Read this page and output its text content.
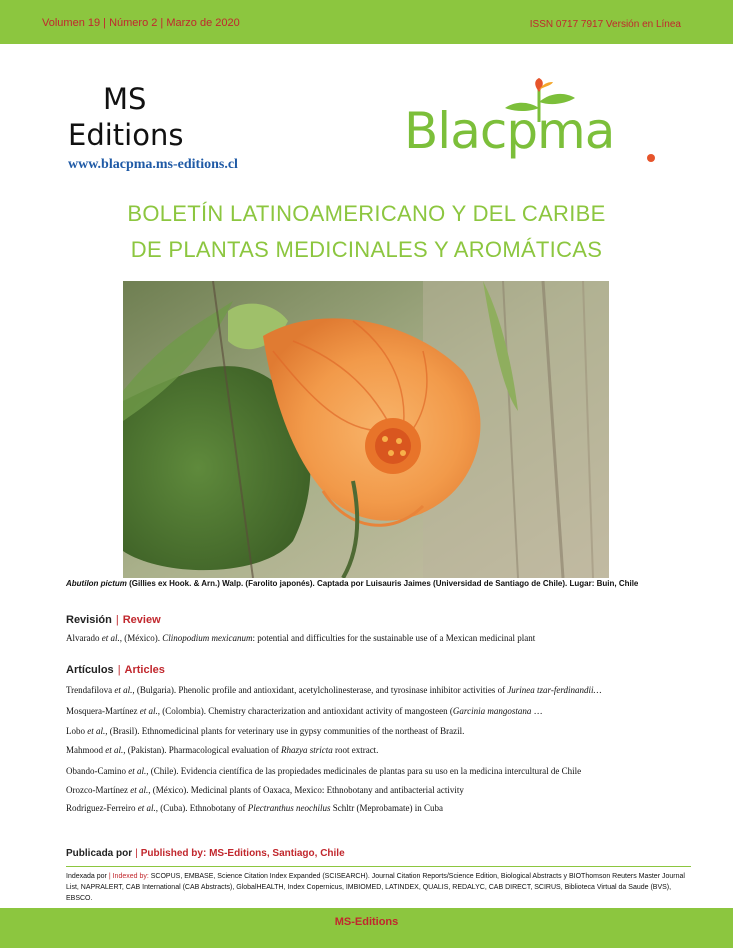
Volumen 19 | Número 2 | Marzo de 2020	ISSN 0717 7917 Versión en Línea
MS
Editions
www.blacpma.ms-editions.cl
Blacpma
BOLETÍN LATINOAMERICANO Y DEL CARIBE
DE PLANTAS MEDICINALES Y AROMÁTICAS
Abutilon pictum (Gillies ex Hook. & Arn.) Walp. (Farolito japonés). Captada por Luisauris Jaimes (Universidad de Santiago de Chile). Lugar: Buin, Chile
Revisión | Review
Alvarado et al., (México). Clinopodium mexicanum: potential and difficulties for the sustainable use of a Mexican medicinal plant
Artículos | Articles
Trendafilova et al., (Bulgaria). Phenolic profile and antioxidant, acetylcholinesterase, and tyrosinase inhibitor activities of Jurinea tzar-ferdinandii…
Mosquera-Martínez et al., (Colombia). Chemistry characterization and antioxidant activity of mangosteen (Garcinia mangostana …
Lobo et al., (Brasil). Ethnomedicinal plants for veterinary use in gypsy communities of the northeast of Brazil.
Mahmood et al., (Pakistan). Pharmacological evaluation of Rhazya stricta root extract.
Obando-Camino et al., (Chile). Evidencia científica de las propiedades medicinales de plantas para su uso en la medicina intercultural de Chile
Orozco-Martínez et al., (México). Medicinal plants of Oaxaca, Mexico: Ethnobotany and antibacterial activity
Rodriguez-Ferreiro et al., (Cuba). Ethnobotany of Plectranthus neochilus Schltr (Meprobamate) in Cuba
Publicada por | Published by: MS-Editions, Santiago, Chile
Indexada por | Indexed by: SCOPUS, EMBASE, Science Citation Index Expanded (SCISEARCH). Journal Citation Reports/Science Edition, Biological Abstracts y BIOThomson Reuters Master Journal List, NAPRALERT, CAB International (CAB Abstracts), GlobalHEALTH, Index Copernicus, IMBIOMED, LATINDEX, QUALIS, REDALYC, CAB DIRECT, SCIRUS, Biblioteca Virtual da Saude (BVS), EBSCO.
MS-Editions
